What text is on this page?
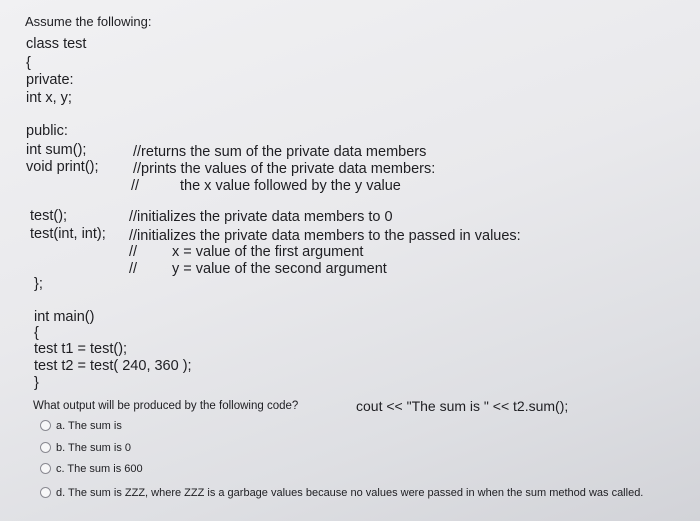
Assume the following:
class test
{
private:
int x, y;
public:
int sum();	//returns the sum of the private data members
void print(); //prints the values of the private data members:
//	the x value followed by the y value
test();	//initializes the private data members to 0
test(int, int); //initializes the private data members to the passed in values:
// x = value of the first argument
// y = value of the second argument
};
int main()
{
test t1 = test();
test t2 = test( 240, 360 );
}
What output will be produced by the following code?	cout << "The sum is " << t2.sum();
a. The sum is
b. The sum is 0
c. The sum is 600
d. The sum is ZZZ, where ZZZ is a garbage values because no values were passed in when the sum method was called.
